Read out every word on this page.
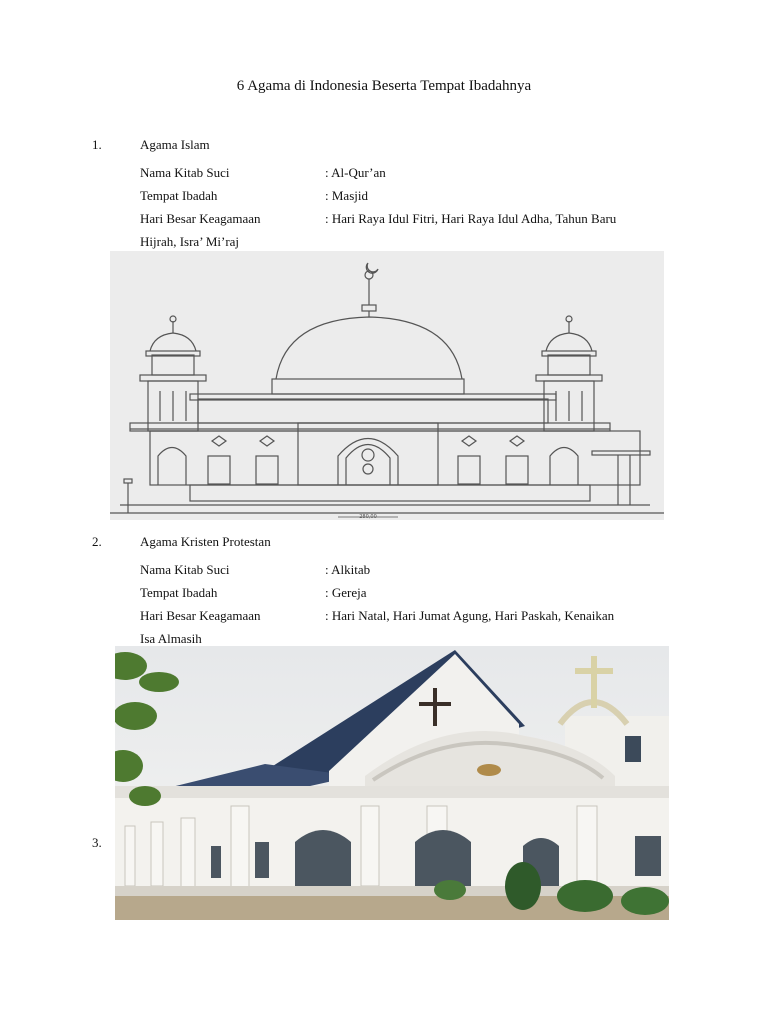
6 Agama di Indonesia Beserta Tempat Ibadahnya
1.	Agama Islam
Nama Kitab Suci	: Al-Qur’an
Tempat Ibadah	: Masjid
Hari Besar Keagamaan	: Hari Raya Idul Fitri, Hari Raya Idul Adha, Tahun Baru
Hijrah, Isra’ Mi’raj
280,00
2.	Agama Kristen Protestan
Nama Kitab Suci	: Alkitab
Tempat Ibadah	: Gereja
Hari Besar Keagamaan	: Hari Natal, Hari Jumat Agung, Hari Paskah, Kenaikan
Isa Almasih
3.
